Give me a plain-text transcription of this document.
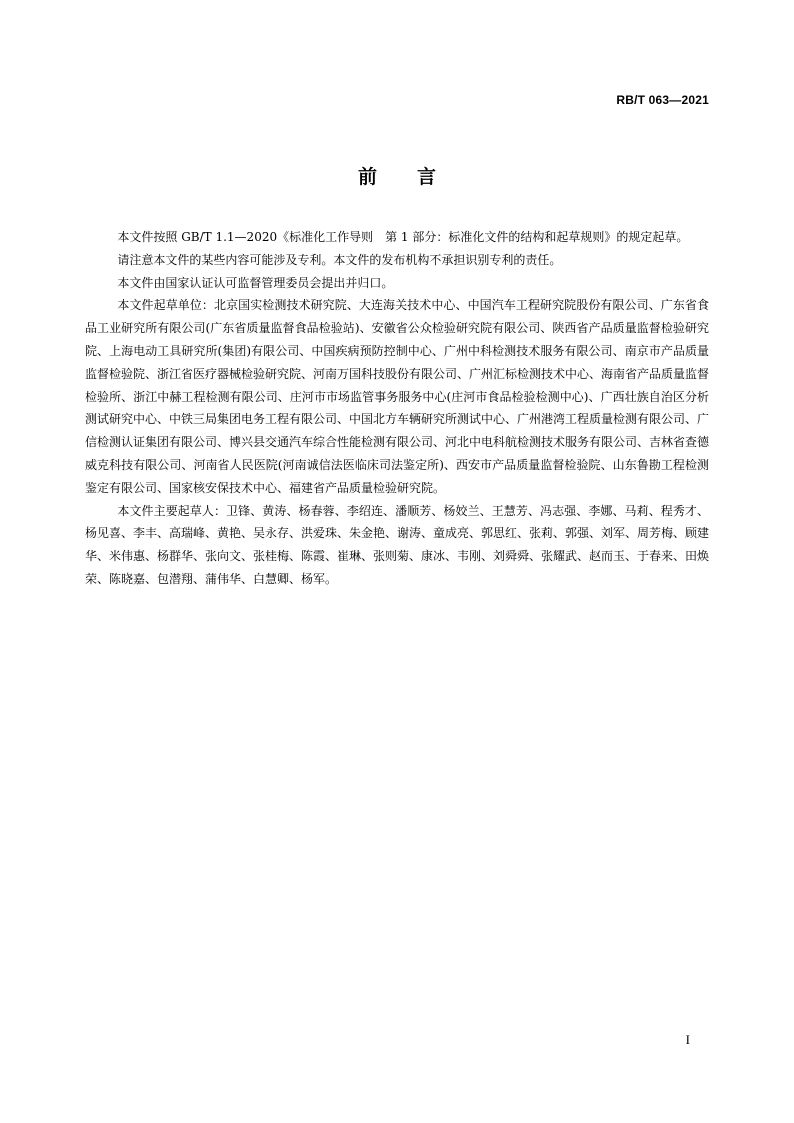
RB/T 063—2021
前言

本文件按照 GB/T 1.1—2020《标准化工作导则　第 1 部分：标准化文件的结构和起草规则》的规定起草。

请注意本文件的某些内容可能涉及专利。本文件的发布机构不承担识别专利的责任。

本文件由国家认证认可监督管理委员会提出并归口。

本文件起草单位：北京国实检测技术研究院、大连海关技术中心、中国汽车工程研究院股份有限公司、广东省食品工业研究所有限公司(广东省质量监督食品检验站)、安徽省公众检验研究院有限公司、陕西省产品质量监督检验研究院、上海电动工具研究所(集团)有限公司、中国疾病预防控制中心、广州中科检测技术服务有限公司、南京市产品质量监督检验院、浙江省医疗器械检验研究院、河南万国科技股份有限公司、广州汇标检测技术中心、海南省产品质量监督检验所、浙江中赫工程检测有限公司、庄河市市场监管事务服务中心(庄河市食品检验检测中心)、广西壮族自治区分析测试研究中心、中铁三局集团电务工程有限公司、中国北方车辆研究所测试中心、广州港湾工程质量检测有限公司、广信检测认证集团有限公司、博兴县交通汽车综合性能检测有限公司、河北中电科航检测技术服务有限公司、吉林省查德威克科技有限公司、河南省人民医院(河南诚信法医临床司法鉴定所)、西安市产品质量监督检验院、山东鲁勘工程检测鉴定有限公司、国家核安保技术中心、福建省产品质量检验研究院。

本文件主要起草人：卫锋、黄涛、杨春蓉、李绍连、潘顺芳、杨姣兰、王慧芳、冯志强、李娜、马莉、程秀才、杨见喜、李丰、高瑞峰、黄艳、吴永存、洪爱珠、朱金艳、谢涛、童成亮、郭思红、张莉、郭强、刘军、周芳梅、顾建华、米伟惠、杨群华、张向文、张桂梅、陈霞、崔琳、张则菊、康冰、韦刚、刘舜舜、张耀武、赵而玉、于春来、田焕荣、陈晓嘉、包潜翔、蒲伟华、白慧卿、杨军。

I
